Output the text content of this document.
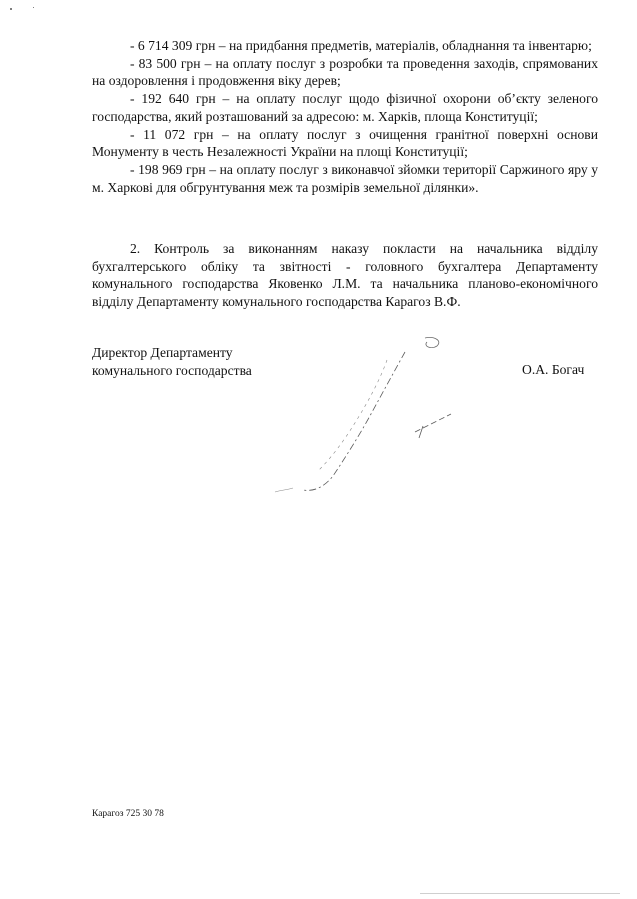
- 6 714 309 грн – на придбання предметів, матеріалів, обладнання та інвентарю;

- 83 500 грн – на оплату послуг з розробки та проведення заходів, спрямованих на оздоровлення і продовження віку дерев;

- 192 640 грн – на оплату послуг щодо фізичної охорони об’єкту зеленого господарства, який розташований за адресою: м. Харків, площа Конституції;

- 11 072 грн – на оплату послуг з очищення гранітної поверхні основи Монументу в честь Незалежності України на площі Конституції;

- 198 969 грн – на оплату послуг з виконавчої зйомки території Саржиного яру у м. Харкові для обгрунтування меж та розмірів земельної ділянки».

2. Контроль за виконанням наказу покласти на начальника відділу бухгалтерського обліку та звітності - головного бухгалтера Департаменту комунального господарства Яковенко Л.М. та начальника планово-економічного відділу Департаменту комунального господарства Карагоз В.Ф.

Директор Департаменту
комунального господарства	О.А. Богач
Карагоз 725 30 78
